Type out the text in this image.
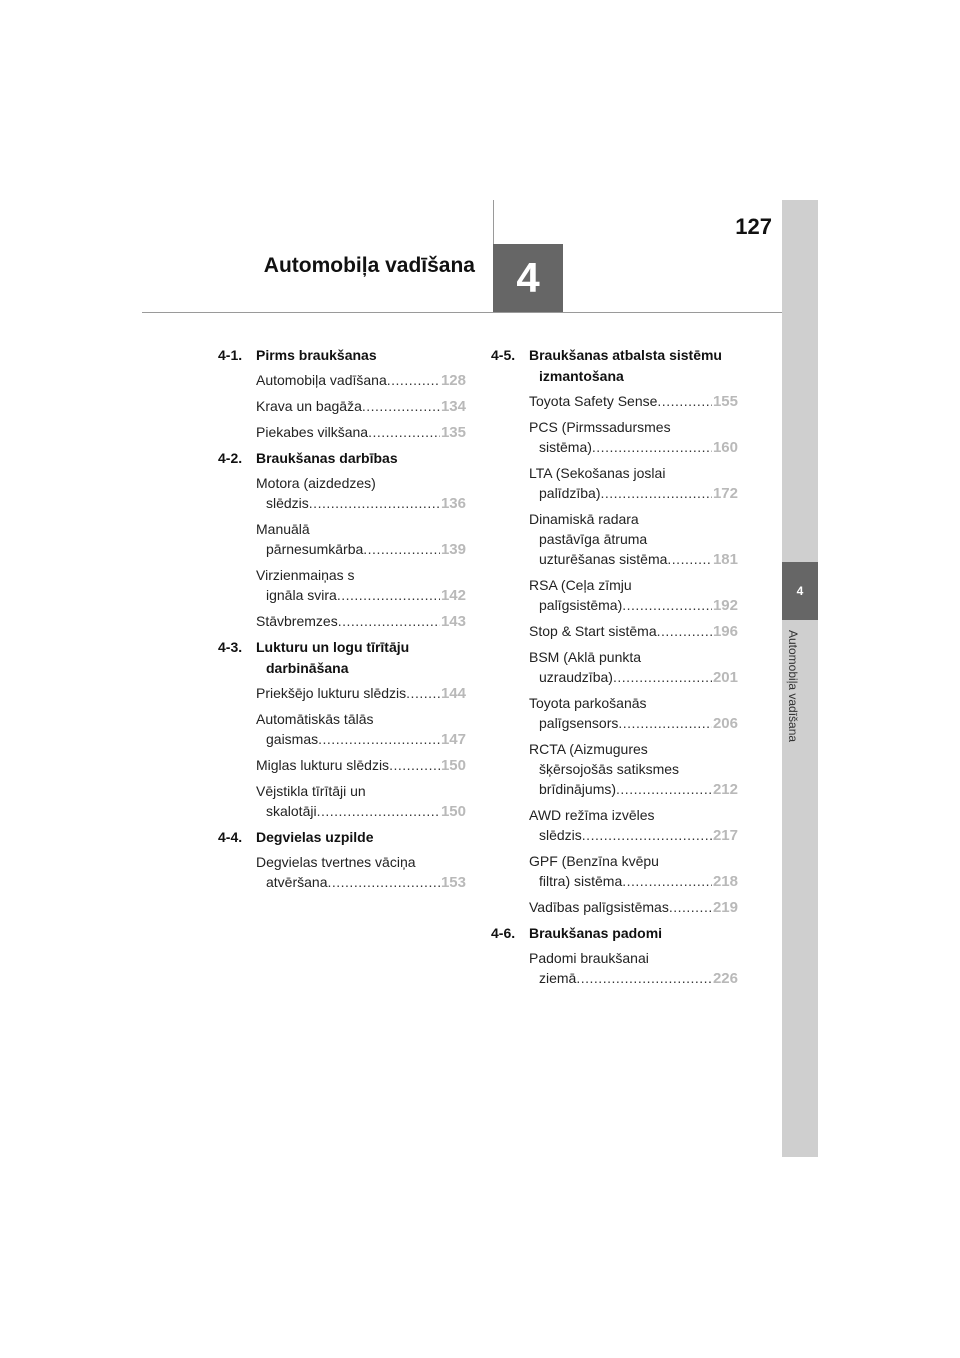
Automobiļa vadīšana 4
127
4
Automobiļa vadīšana
4-1. Pirms braukšanas
Automobiļa vadīšana .....	128
Krava un bagāža .....	134
Piekabes vilkšana .....	135
4-2. Braukšanas darbības
Motora (aizdedzes)
slēdzis .....	136
Manuālā
pārnesumkārba .....	139
Virzienmaiņas s
ignāla svira .....	142
Stāvbremzes .....	143
4-3. Lukturu un logu tīrītāju
darbināšana
Priekšējo lukturu slēdzis ..... 144
Automātiskās tālās
gaismas .....	147
Miglas lukturu slēdzis .....	150
Vējstikla tīrītāji un
skalotāji .....	150
4-4. Degvielas uzpilde
Degvielas tvertnes vāciņa
atvēršana .....	153
4-5. Braukšanas atbalsta sistēmu
izmantošana
Toyota Safety Sense .....	155
PCS (Pirmssadursmes
sistēma) .....	160
LTA (Sekošanas joslai
palīdzība) .....	172
Dinamiskā radara
pastāvīga ātruma
uzturēšanas sistēma .....	181
RSA (Ceļa zīmju
palīgsistēma) .....	192
Stop & Start sistēma .....	196
BSM (Aklā punkta
uzraudzība) .....	201
Toyota parkošanās
palīgsensors .....	206
RCTA (Aizmugures
šķērsojošās satiksmes
brīdinājums) .....	212
AWD režīma izvēles
slēdzis .....	217
GPF (Benzīna kvēpu
filtra) sistēma .....	218
Vadības palīgsistēmas .....	219
4-6. Braukšanas padomi
Padomi braukšanai
ziemā .....	226
